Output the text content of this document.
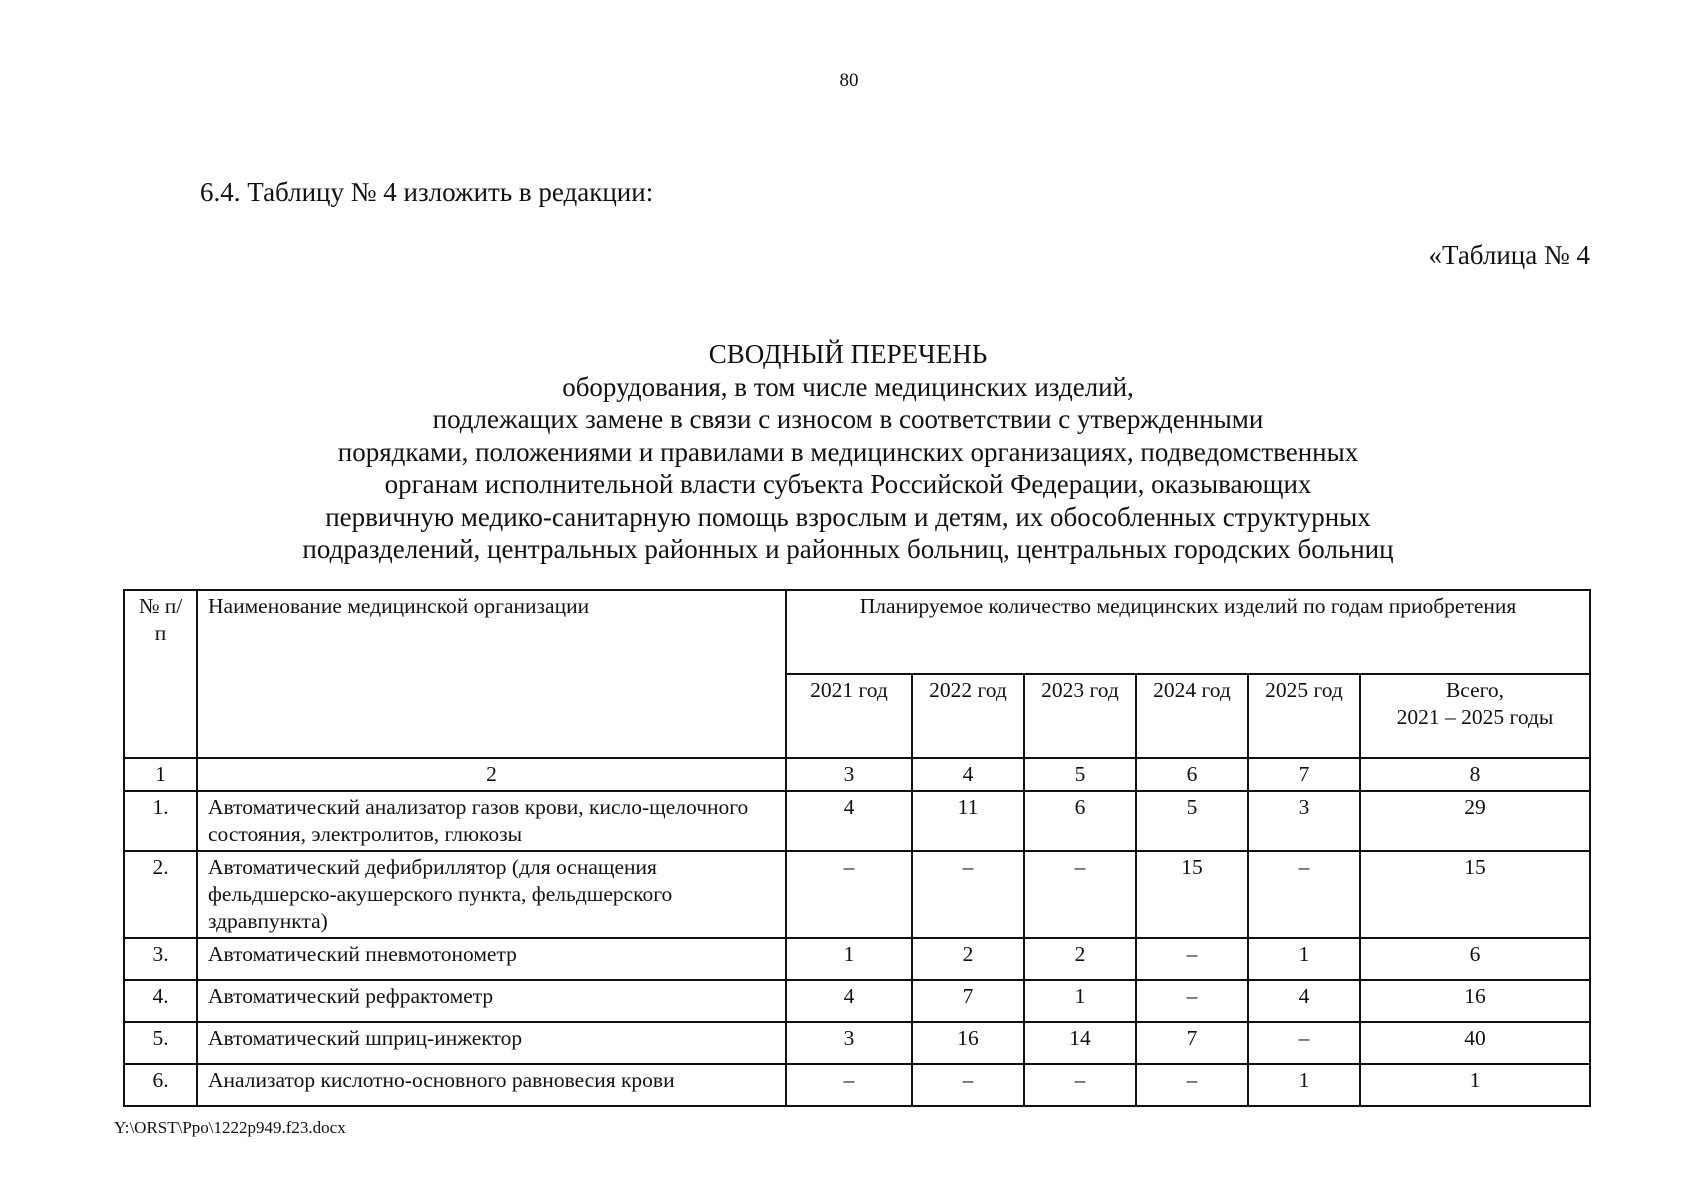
80
6.4. Таблицу № 4 изложить в редакции:
«Таблица № 4
СВОДНЫЙ ПЕРЕЧЕНЬ
оборудования, в том числе медицинских изделий,
подлежащих замене в связи с износом в соответствии с утвержденными
порядками, положениями и правилами в медицинских организациях, подведомственных
органам исполнительной власти субъекта Российской Федерации, оказывающих
первичную медико-санитарную помощь взрослым и детям, их обособленных структурных
подразделений, центральных районных и районных больниц, центральных городских больниц
№ п/п	Наименование медицинской организации	Планируемое количество медицинских изделий по годам приобретения					
		2021 год	2022 год	2023 год	2024 год	2025 год	Всего,
2021 – 2025 годы
1	2	3	4	5	6	7	8
1.	Автоматический анализатор газов крови, кисло-щелочного состояния, электролитов, глюкозы	4	11	6	5	3	29
2.	Автоматический дефибриллятор (для оснащения фельдшерско-акушерского пункта, фельдшерского здравпункта)	–	–	–	15	–	15
3.	Автоматический пневмотонометр	1	2	2	–	1	6
4.	Автоматический рефрактометр	4	7	1	–	4	16
5.	Автоматический шприц-инжектор	3	16	14	7	–	40
6.	Анализатор кислотно-основного равновесия крови	–	–	–	–	1	1
Y:\ORST\Ppo\1222p949.f23.docx
